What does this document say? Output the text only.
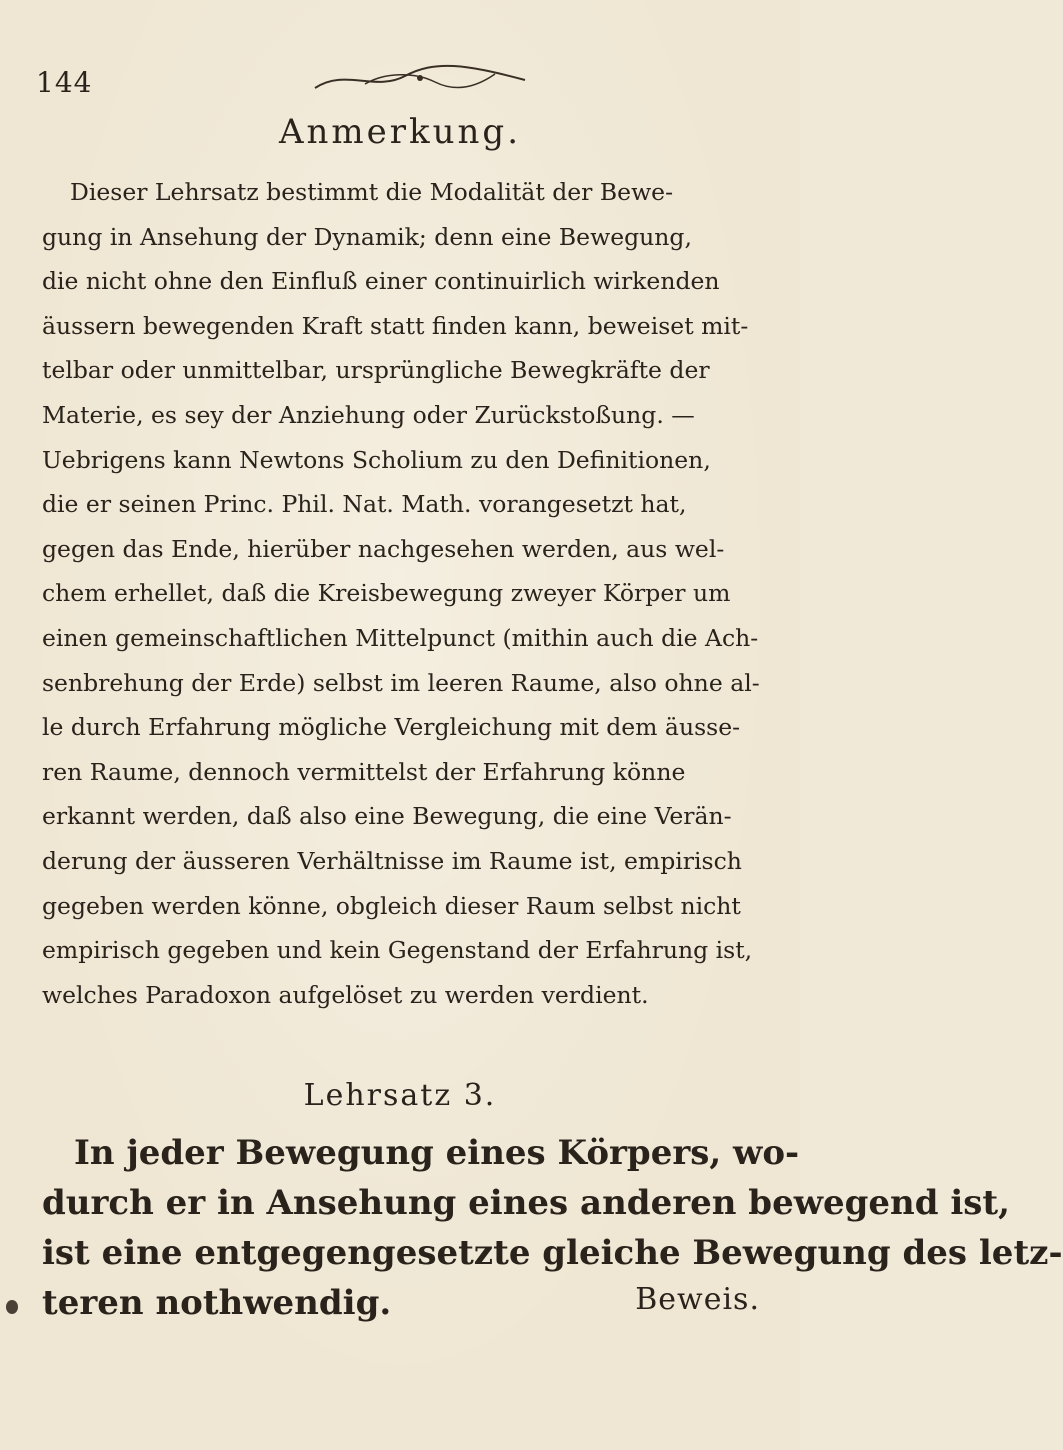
144
Anmerkung.
Dieser Lehrsatz bestimmt die Modalität der Bewe-
gung in Ansehung der Dynamik; denn eine Bewegung,
die nicht ohne den Einfluß einer continuirlich wirkenden
äussern bewegenden Kraft statt finden kann, beweiset mit-
telbar oder unmittelbar, ursprüngliche Bewegkräfte der
Materie, es sey der Anziehung oder Zurückstoßung. —
Uebrigens kann Newtons Scholium zu den Definitionen,
die er seinen Princ. Phil. Nat. Math. vorangesetzt hat,
gegen das Ende, hierüber nachgesehen werden, aus wel-
chem erhellet, daß die Kreisbewegung zweyer Körper um
einen gemeinschaftlichen Mittelpunct (mithin auch die Ach-
senbrehung der Erde) selbst im leeren Raume, also ohne al-
le durch Erfahrung mögliche Vergleichung mit dem äusse-
ren Raume, dennoch vermittelst der Erfahrung könne
erkannt werden, daß also eine Bewegung, die eine Verän-
derung der äusseren Verhältnisse im Raume ist, empirisch
gegeben werden könne, obgleich dieser Raum selbst nicht
empirisch gegeben und kein Gegenstand der Erfahrung ist,
welches Paradoxon aufgelöset zu werden verdient.
Lehrsatz 3.
In jeder Bewegung eines Körpers, wo-
durch er in Ansehung eines anderen bewegend ist,
ist eine entgegengesetzte gleiche Bewegung des letz-
teren nothwendig.	Beweis.
